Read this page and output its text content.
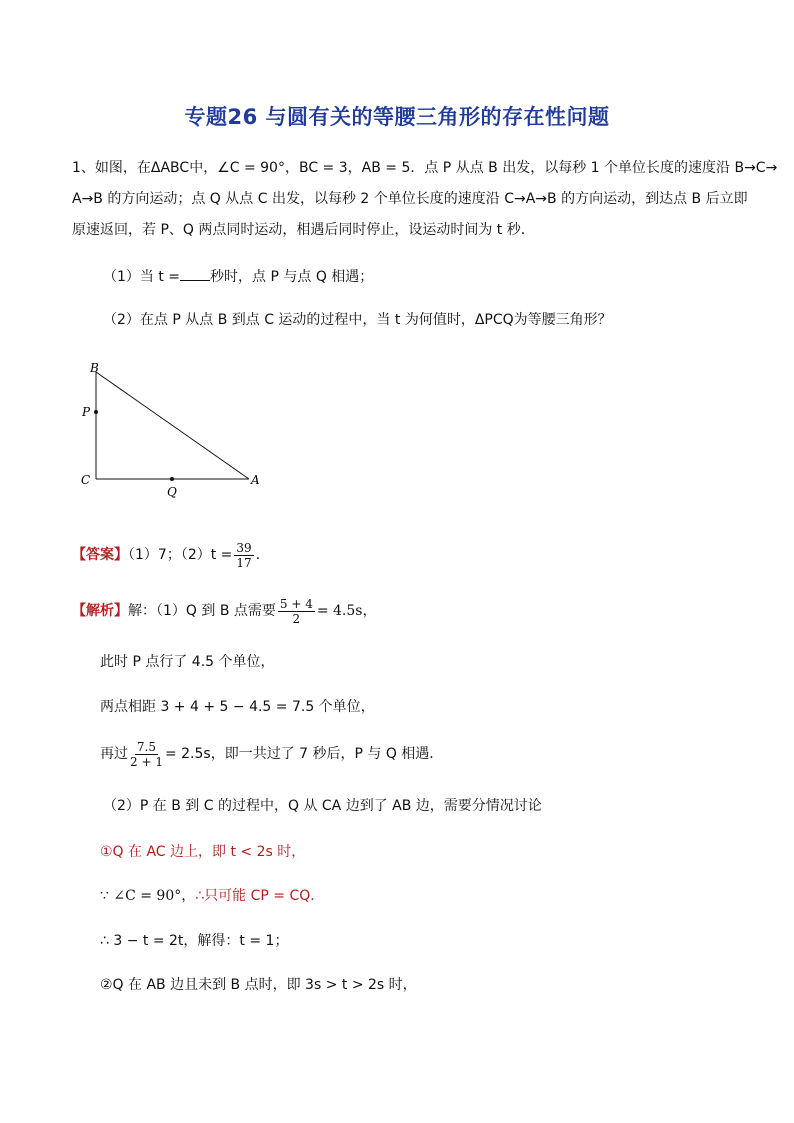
专题26 与圆有关的等腰三角形的存在性问题
1、如图，在ΔABC中，∠C = 90°，BC = 3，AB = 5．点 P 从点 B 出发，以每秒 1 个单位长度的速度沿 B→C→
A→B 的方向运动；点 Q 从点 C 出发，以每秒 2 个单位长度的速度沿 C→A→B 的方向运动，到达点 B 后立即
原速返回，若 P、Q 两点同时运动，相遇后同时停止，设运动时间为 t 秒．
（1）当 t = 秒时，点 P 与点 Q 相遇；
（2）在点 P 从点 B 到点 C 运动的过程中，当 t 为何值时，ΔPCQ为等腰三角形？
B
P
C
Q
A
【答案】（1）7；$(2)t = \frac{39}{17}$ ．
【解析】解：（1）Q 到 B 点需要 $\frac{5 + 4}{2} = 4.5s$，
此时 P 点行了 4.5 个单位，
两点相距 3 + 4 + 5 − 4.5 = 7.5 个单位，
再过 $\frac{7.5}{2 + 1} = 2.5s$，即一共过了 7 秒后，P 与 Q 相遇．
（2）P 在 B 到 C 的过程中，Q 从 CA 边到了 AB 边，需要分情况讨论
①Q 在 AC 边上，即 t < 2s 时，
∵ ∠C = 90°，∴只可能 CP = CQ．
∴ 3 − t = 2t，解得：t = 1；
②Q 在 AB 边且未到 B 点时，即 3s > t > 2s 时，
